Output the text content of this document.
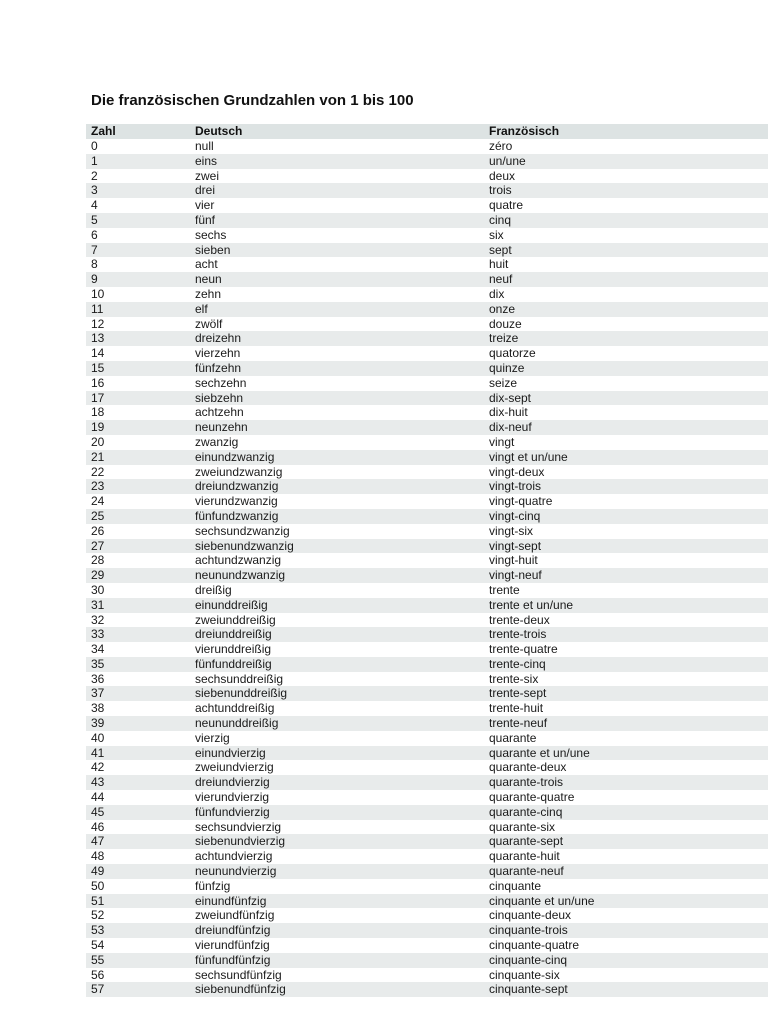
Die französischen Grundzahlen von 1 bis 100
Zahl	Deutsch	Französisch
0	null	zéro
1	eins	un/une
2	zwei	deux
3	drei	trois
4	vier	quatre
5	fünf	cinq
6	sechs	six
7	sieben	sept
8	acht	huit
9	neun	neuf
10	zehn	dix
11	elf	onze
12	zwölf	douze
13	dreizehn	treize
14	vierzehn	quatorze
15	fünfzehn	quinze
16	sechzehn	seize
17	siebzehn	dix-sept
18	achtzehn	dix-huit
19	neunzehn	dix-neuf
20	zwanzig	vingt
21	einundzwanzig	vingt et un/une
22	zweiundzwanzig	vingt-deux
23	dreiundzwanzig	vingt-trois
24	vierundzwanzig	vingt-quatre
25	fünfundzwanzig	vingt-cinq
26	sechsundzwanzig	vingt-six
27	siebenundzwanzig	vingt-sept
28	achtundzwanzig	vingt-huit
29	neunundzwanzig	vingt-neuf
30	dreißig	trente
31	einunddreißig	trente et un/une
32	zweiunddreißig	trente-deux
33	dreiunddreißig	trente-trois
34	vierunddreißig	trente-quatre
35	fünfunddreißig	trente-cinq
36	sechsunddreißig	trente-six
37	siebenunddreißig	trente-sept
38	achtunddreißig	trente-huit
39	neununddreißig	trente-neuf
40	vierzig	quarante
41	einundvierzig	quarante et un/une
42	zweiundvierzig	quarante-deux
43	dreiundvierzig	quarante-trois
44	vierundvierzig	quarante-quatre
45	fünfundvierzig	quarante-cinq
46	sechsundvierzig	quarante-six
47	siebenundvierzig	quarante-sept
48	achtundvierzig	quarante-huit
49	neunundvierzig	quarante-neuf
50	fünfzig	cinquante
51	einundfünfzig	cinquante et un/une
52	zweiundfünfzig	cinquante-deux
53	dreiundfünfzig	cinquante-trois
54	vierundfünfzig	cinquante-quatre
55	fünfundfünfzig	cinquante-cinq
56	sechsundfünfzig	cinquante-six
57	siebenundfünfzig	cinquante-sept
